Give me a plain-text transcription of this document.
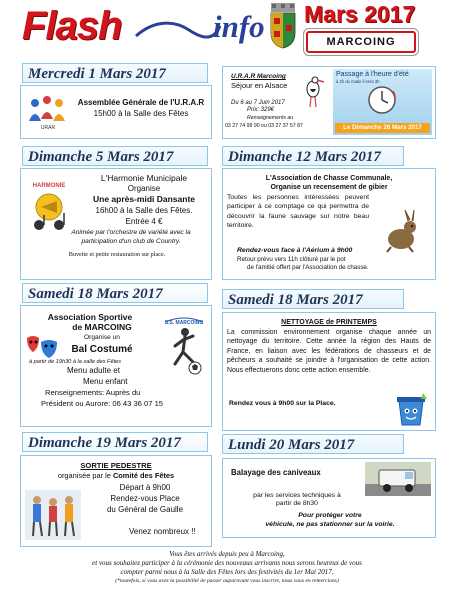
Flash	info Mars 2017
MARCOING
Mercredi 1 Mars 2017
URAR
Assemblée Générale de l'U.R.A.R
15h00 à la Salle des Fêtes
U.R.A.R Marcoing
Séjour en Alsace
Du 6 au 7 Juin 2017
Prix: 329€
Renseignements au
03 27 74 99 90 ou 03 27 37 57 87
Passage à l'heure d'été
à 2h du matin il sera 3h
Le Dimanche 26 Mars 2017
Dimanche 5 Mars 2017
HARMONIE
L'Harmonie Municipale
Organise
Une après-midi Dansante
16h00 à la Salle des Fêtes.
Entrée 4 €
Animée par l'orchestre de variété avec la participation d'un club de Country.
Buvette et petite restauration sur place.
Dimanche 12 Mars 2017
L'Association de Chasse Communale,
Organise un recensement de gibier
Toutes les personnes intéressées peuvent participer à ce comptage ce qui permettra de découvrir la faune sauvage sur notre beau territoire.
Rendez-vous face à l'Aérium à 9h00
Retour prévu vers 11h clôturé par le pot
de l'amitié offert par l'Association de chasse.
Samedi 18 Mars 2017
Association Sportive
de MARCOING
Organise un
Bal Costumé
à partir de 19h30 à la salle des Fêtes
Menu adulte et
Menu enfant
Renseignements: Auprès du
Président ou Aurore: 06 43 36 07 15
S.S. MARCOING
Samedi 18 Mars 2017
NETTOYAGE de PRINTEMPS
La commission environnement organise chaque année un nettoyage du territoire. Cette année la région des Hauts de France, en liaison avec les fédérations de chasseurs et de pêcheurs a souhaité se joindre à l'organisation de cette action. Nous effectuerons donc cette action ensemble.
Rendez vous à 9h00 sur la Place.
Dimanche 19 Mars 2017
SORTIE PEDESTRE
organisée par le Comité des Fêtes
Départ à 9h00
Rendez-vous Place
du Général de Gaulle
Venez nombreux !!
Lundi 20 Mars 2017
Balayage des caniveaux
par les services techniques à
partir de 8h30
Pour protéger votre
véhicule, ne pas stationner sur la voirie.
Vous êtes arrivés depuis peu à Marcoing,
et vous souhaitez participer à la cérémonie des nouveaux arrivants nous serons heureux de vous
compter parmi nous à la Salle des Fêtes lors des festivités du 1er Mai 2017.
(*toutefois, si vous avez la possibilité de passer auparavant vous inscrire, nous vous en remercions)
